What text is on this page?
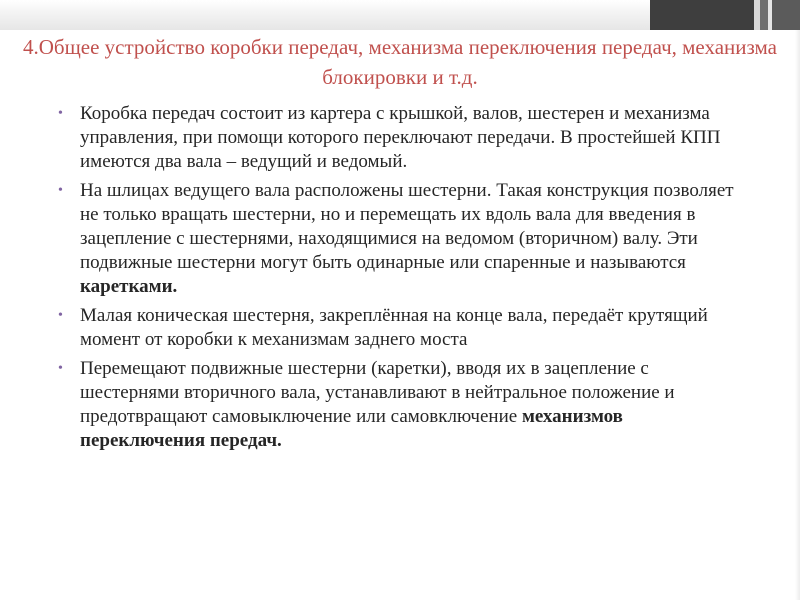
4.Общее устройство коробки передач, механизма переключения передач, механизма блокировки и т.д.
• Коробка передач состоит из картера с крышкой, валов, шестерен и механизма управления, при помощи которого переключают передачи. В простейшей КПП имеются два вала – ведущий и ведомый.
• На шлицах ведущего вала расположены шестерни. Такая конструкция позволяет не только вращать шестерни, но и перемещать их вдоль вала для введения в зацепление с шестернями, находящимися на ведомом (вторичном) валу. Эти подвижные шестерни могут быть одинарные или спаренные и называются каретками.
• Малая коническая шестерня, закреплённая на конце вала, передаёт крутящий момент от коробки к механизмам заднего моста
• Перемещают подвижные шестерни (каретки), вводя их в зацепление с шестернями вторичного вала, устанавливают в нейтральное положение и предотвращают самовыключение или самовключение механизмов переключения передач.
